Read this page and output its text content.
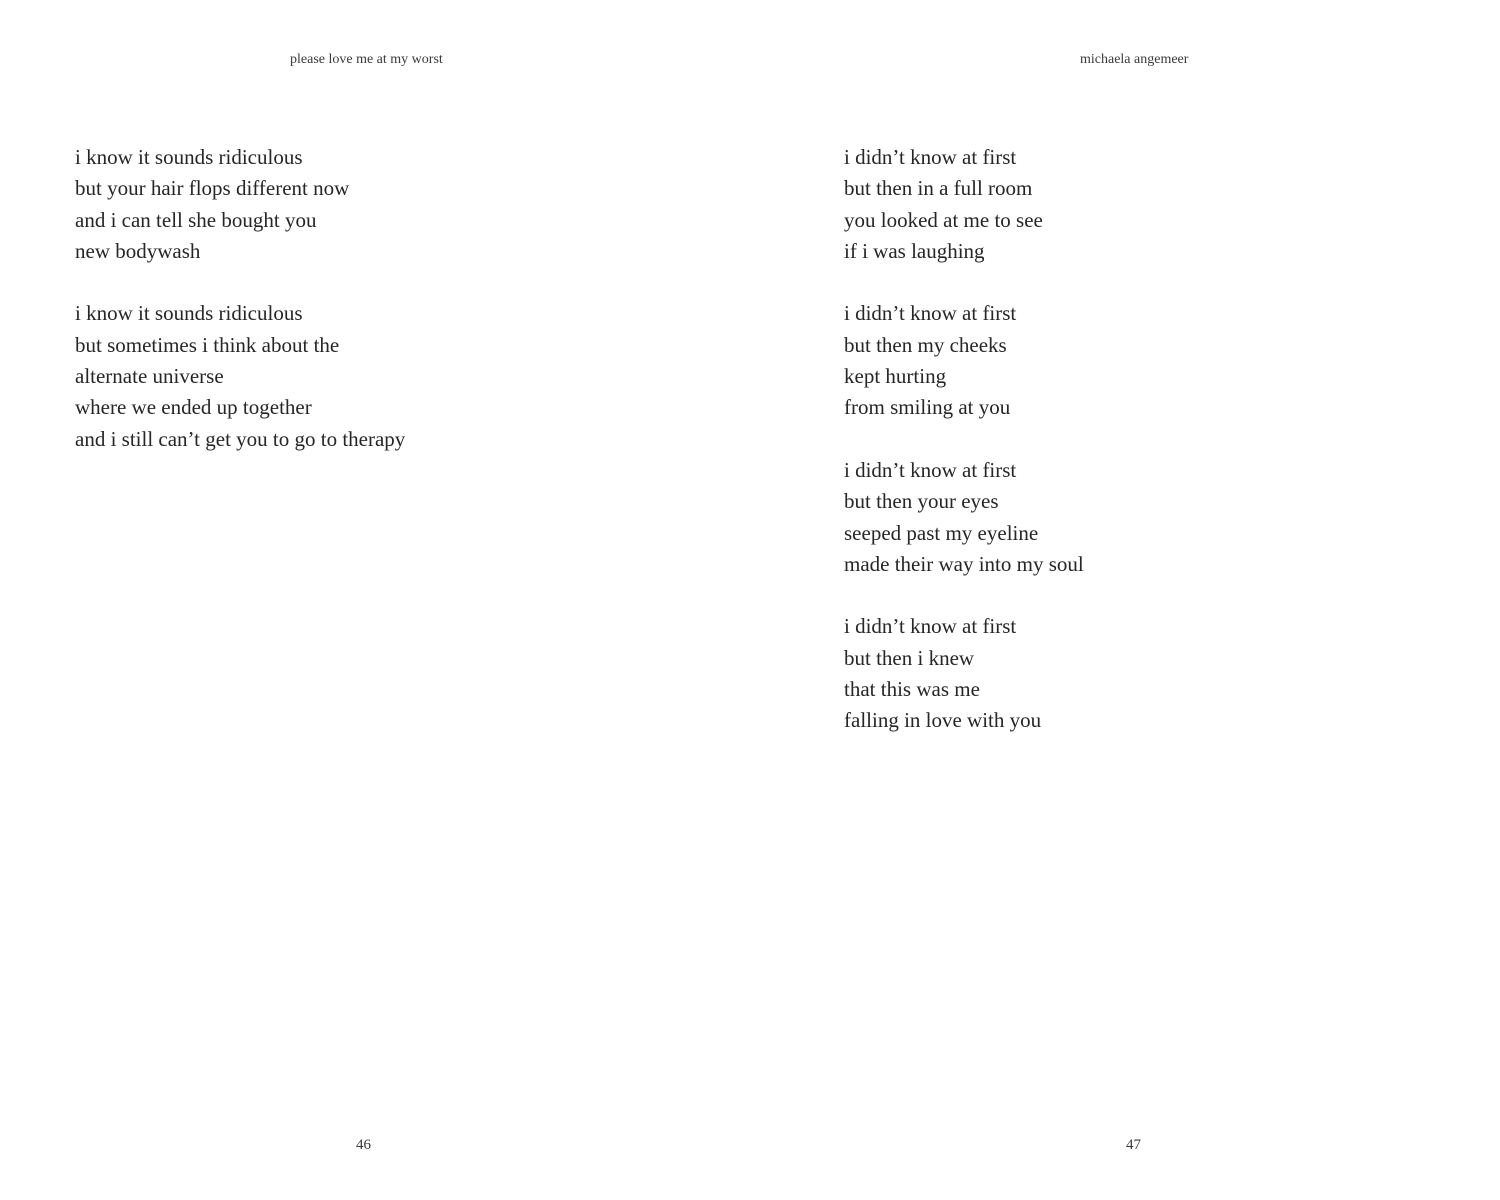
please love me at my worst
i know it sounds ridiculous
but your hair flops different now
and i can tell she bought you
new bodywash
i know it sounds ridiculous
but sometimes i think about the
alternate universe
where we ended up together
and i still can’t get you to go to therapy
46
michaela angemeer
i didn’t know at first
but then in a full room
you looked at me to see
if i was laughing
i didn’t know at first
but then my cheeks
kept hurting
from smiling at you
i didn’t know at first
but then your eyes
seeped past my eyeline
made their way into my soul
i didn’t know at first
but then i knew
that this was me
falling in love with you
47
